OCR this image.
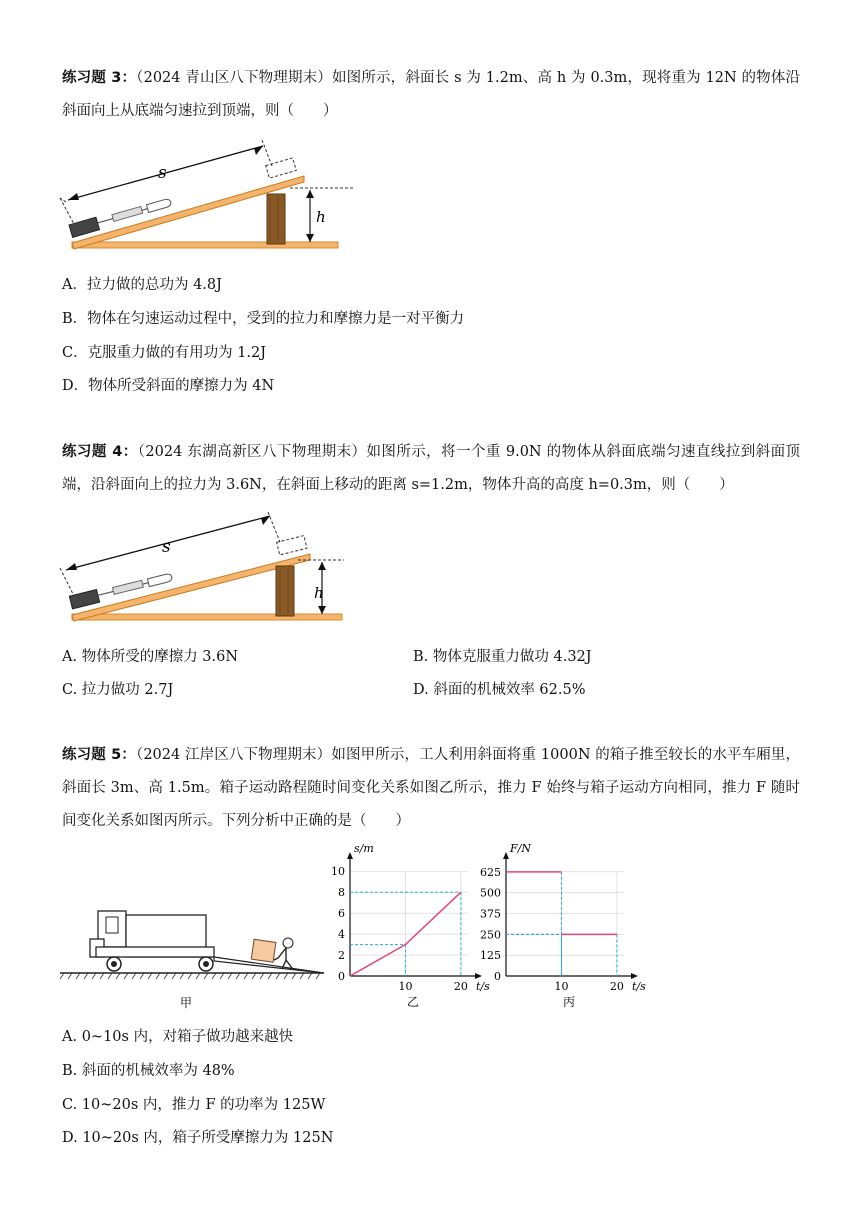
练习题 3：（2024 青山区八下物理期末）如图所示，斜面长 s 为 1.2m、高 h 为 0.3m，现将重为 12N 的物体沿斜面向上从底端匀速拉到顶端，则（　　）
s
h
A．拉力做的总功为 4.8J
B．物体在匀速运动过程中，受到的拉力和摩擦力是一对平衡力
C．克服重力做的有用功为 1.2J
D．物体所受斜面的摩擦力为 4N
练习题 4：（2024 东湖高新区八下物理期末）如图所示，将一个重 9.0N 的物体从斜面底端匀速直线拉到斜面顶端，沿斜面向上的拉力为 3.6N，在斜面上移动的距离 s=1.2m，物体升高的高度 h=0.3m，则（　　）
s
h
A. 物体所受的摩擦力 3.6N	B. 物体克服重力做功 4.32J
C. 拉力做功 2.7J	D. 斜面的机械效率 62.5%
练习题 5：（2024 江岸区八下物理期末）如图甲所示，工人利用斜面将重 1000N 的箱子推至较长的水平车厢里，斜面长 3m、高 1.5m。箱子运动路程随时间变化关系如图乙所示，推力 F 始终与箱子运动方向相同，推力 F 随时间变化关系如图丙所示。下列分析中正确的是（　　）
甲
0
2
4
6
8
10
10	20 t/s
s/m
乙
0
125
250
375
500
625
10	20 t/s
F/N
丙
A. 0~10s 内，对箱子做功越来越快
B. 斜面的机械效率为 48%
C. 10~20s 内，推力 F 的功率为 125W
D. 10~20s 内，箱子所受摩擦力为 125N
